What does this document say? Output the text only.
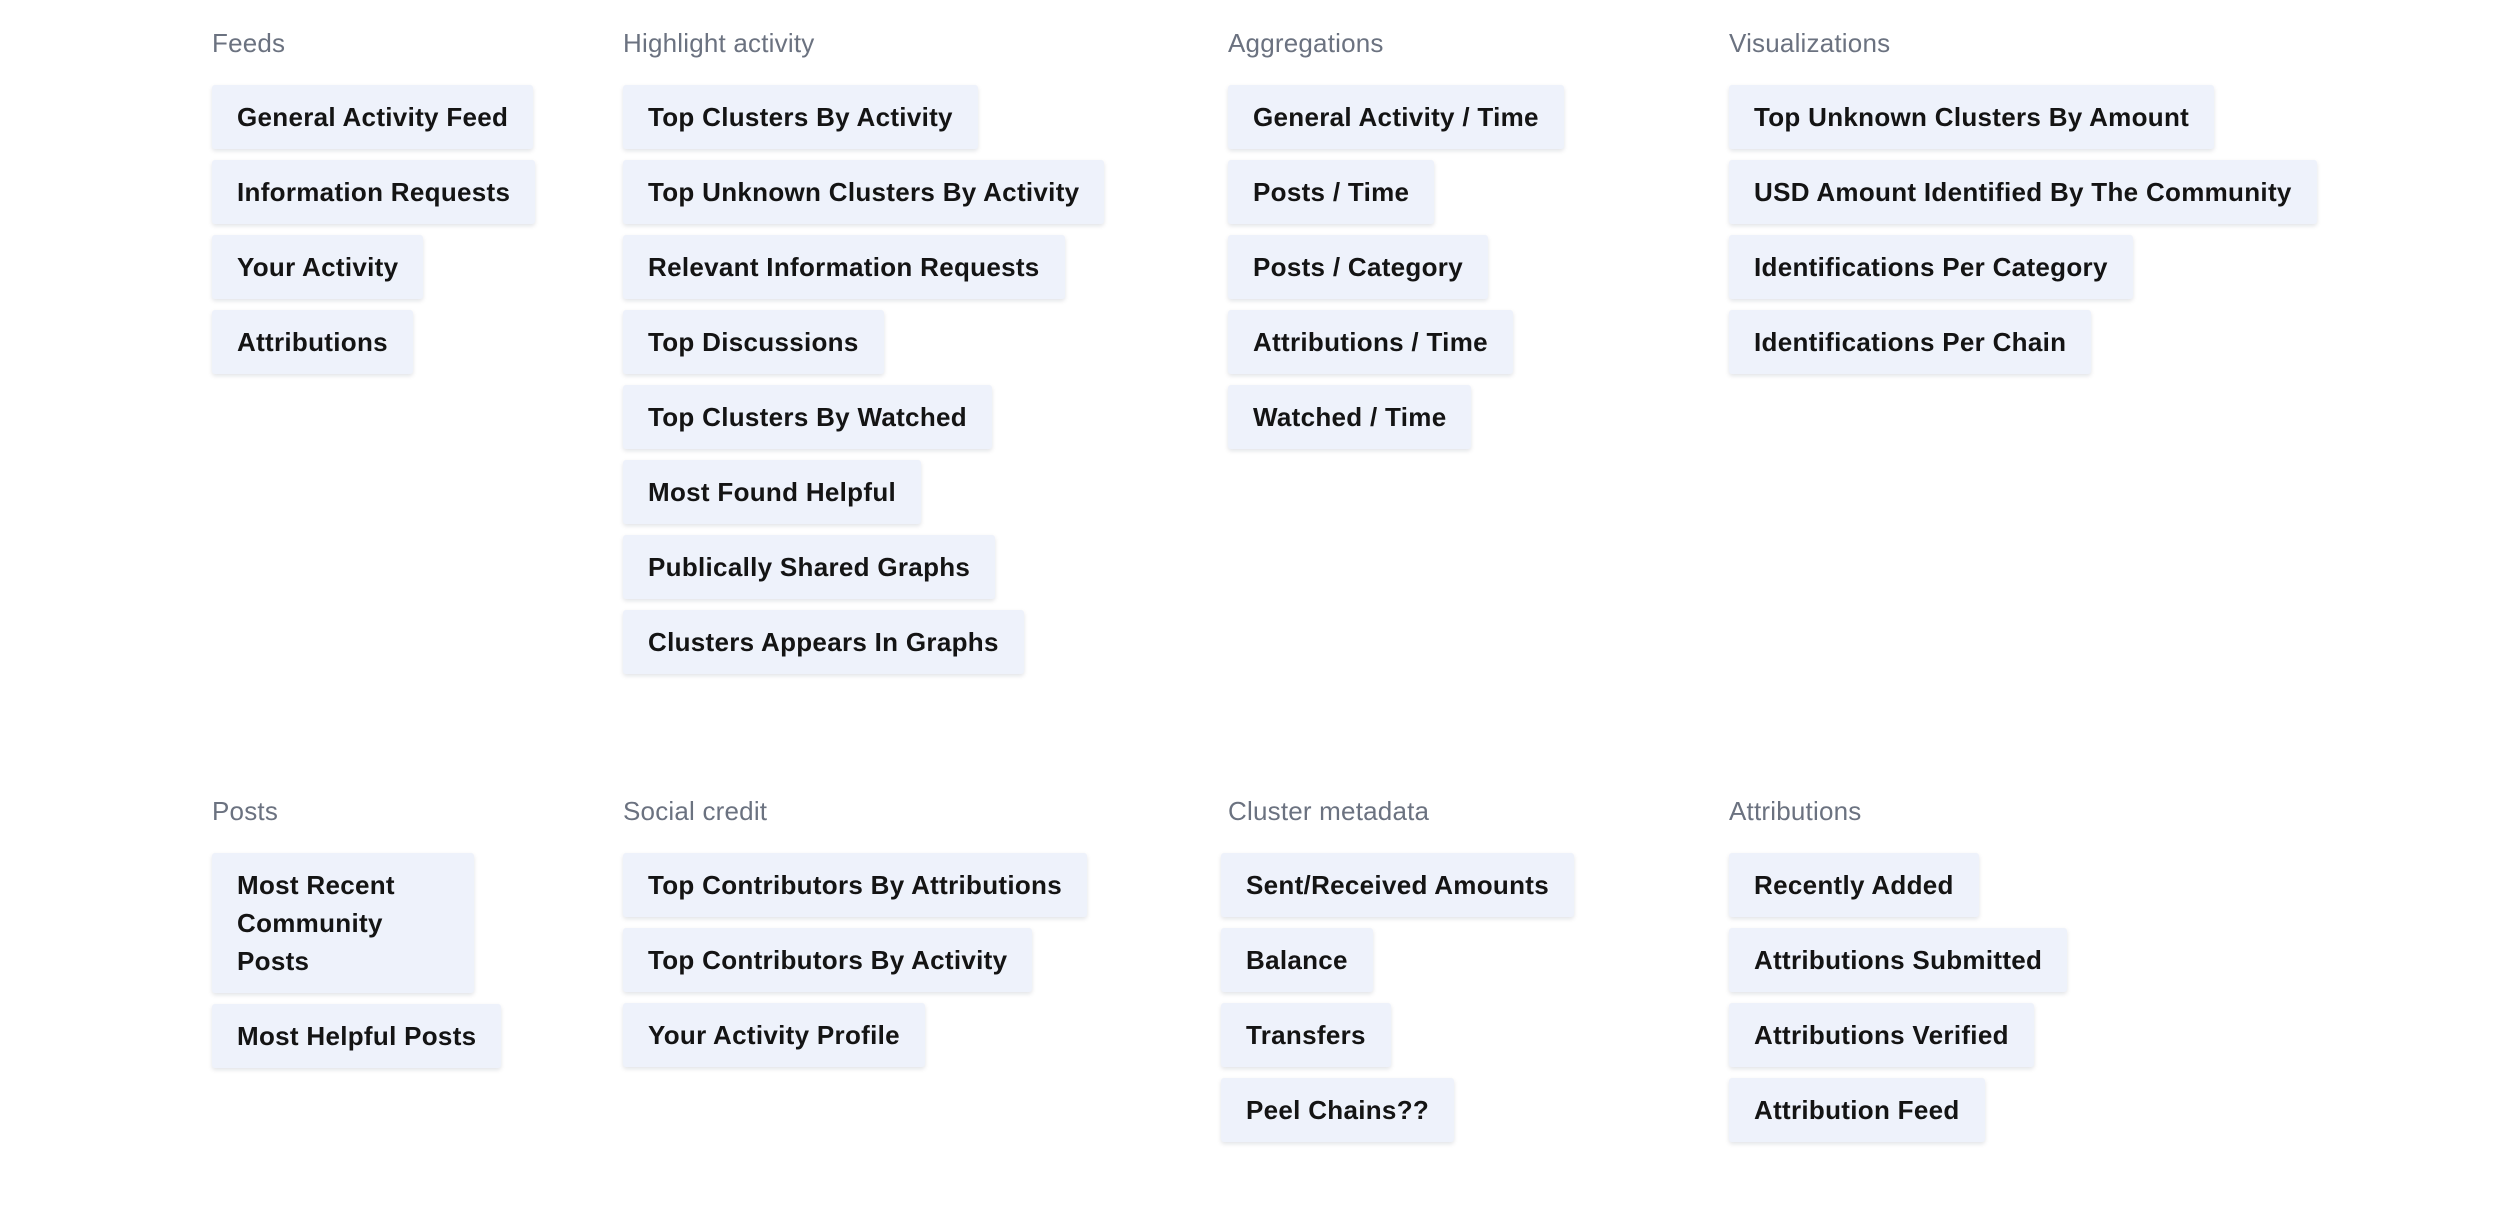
Feeds
General Activity Feed
Information Requests
Your Activity
Attributions
Highlight activity
Top Clusters By Activity
Top Unknown Clusters By Activity
Relevant Information Requests
Top Discussions
Top Clusters By Watched
Most Found Helpful
Publically Shared Graphs
Clusters Appears In Graphs
Aggregations
General Activity / Time
Posts / Time
Posts / Category
Attributions / Time
Watched / Time
Visualizations
Top Unknown Clusters By Amount
USD Amount Identified By The Community
Identifications Per Category
Identifications Per Chain
Posts
Most Recent Community Posts
Most Helpful Posts
Social credit
Top Contributors By Attributions
Top Contributors By Activity
Your Activity Profile
Cluster metadata
Sent/Received Amounts
Balance
Transfers
Peel Chains??
Attributions
Recently Added
Attributions Submitted
Attributions Verified
Attribution Feed
